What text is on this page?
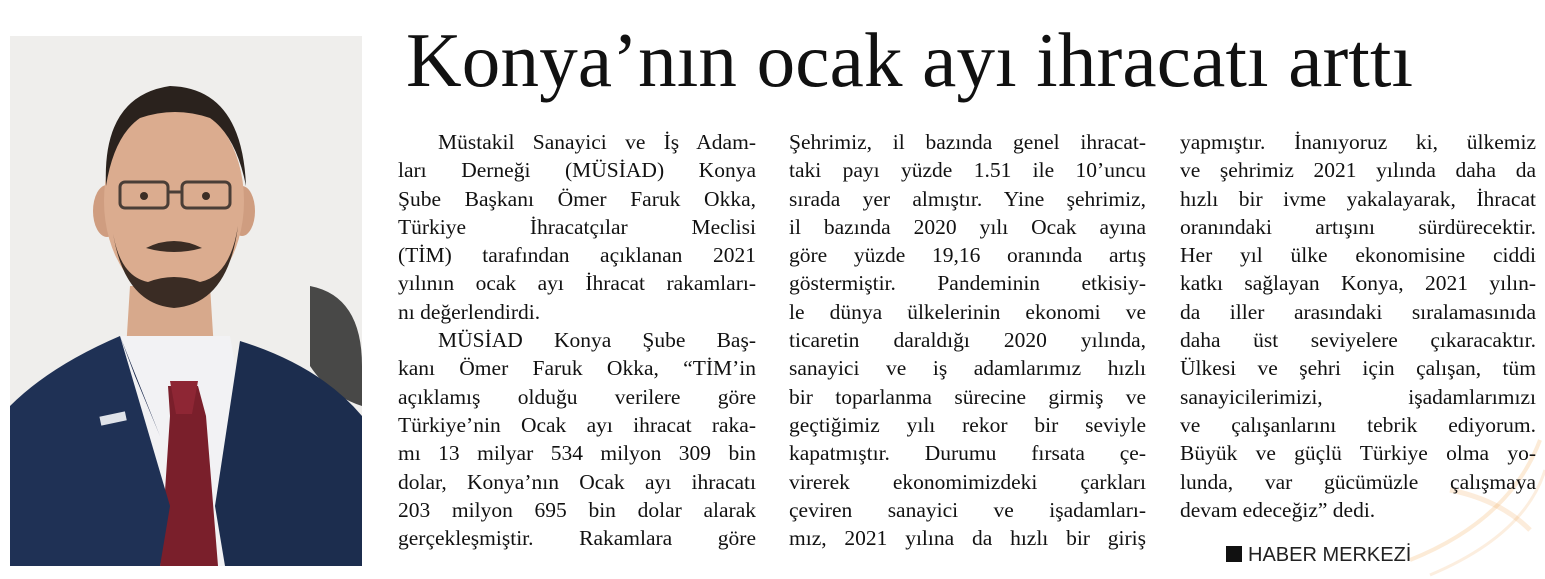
Konya’nın ocak ayı ihracatı arttı
Müstakil Sanayici ve İş Adam-
ları Derneği (MÜSİAD) Konya
Şube Başkanı Ömer Faruk Okka,
Türkiye İhracatçılar Meclisi
(TİM) tarafından açıklanan 2021
yılının ocak ayı İhracat rakamları-
nı değerlendirdi.
MÜSİAD Konya Şube Baş-
kanı Ömer Faruk Okka, “TİM’in
açıklamış olduğu verilere göre
Türkiye’nin Ocak ayı ihracat raka-
mı 13 milyar 534 milyon 309 bin
dolar, Konya’nın Ocak ayı ihracatı
203 milyon 695 bin dolar alarak
gerçekleşmiştir. Rakamlara göre
Şehrimiz, il bazında genel ihracat-
taki payı yüzde 1.51 ile 10’uncu
sırada yer almıştır. Yine şehrimiz,
il bazında 2020 yılı Ocak ayına
göre yüzde 19,16 oranında artış
göstermiştir. Pandeminin etkisiy-
le dünya ülkelerinin ekonomi ve
ticaretin daraldığı 2020 yılında,
sanayici ve iş adamlarımız hızlı
bir toparlanma sürecine girmiş ve
geçtiğimiz yılı rekor bir seviyle
kapatmıştır. Durumu fırsata çe-
virerek ekonomimizdeki çarkları
çeviren sanayici ve işadamları-
mız, 2021 yılına da hızlı bir giriş
yapmıştır. İnanıyoruz ki, ülkemiz
ve şehrimiz 2021 yılında daha da
hızlı bir ivme yakalayarak, İhracat
oranındaki artışını sürdürecektir.
Her yıl ülke ekonomisine ciddi
katkı sağlayan Konya, 2021 yılın-
da iller arasındaki sıralamasınıda
daha üst seviyelere çıkaracaktır.
Ülkesi ve şehri için çalışan, tüm
sanayicilerimizi, işadamlarımızı
ve çalışanlarını tebrik ediyorum.
Büyük ve güçlü Türkiye olma yo-
lunda, var gücümüzle çalışmaya
devam edeceğiz” dedi.
HABER MERKEZİ
